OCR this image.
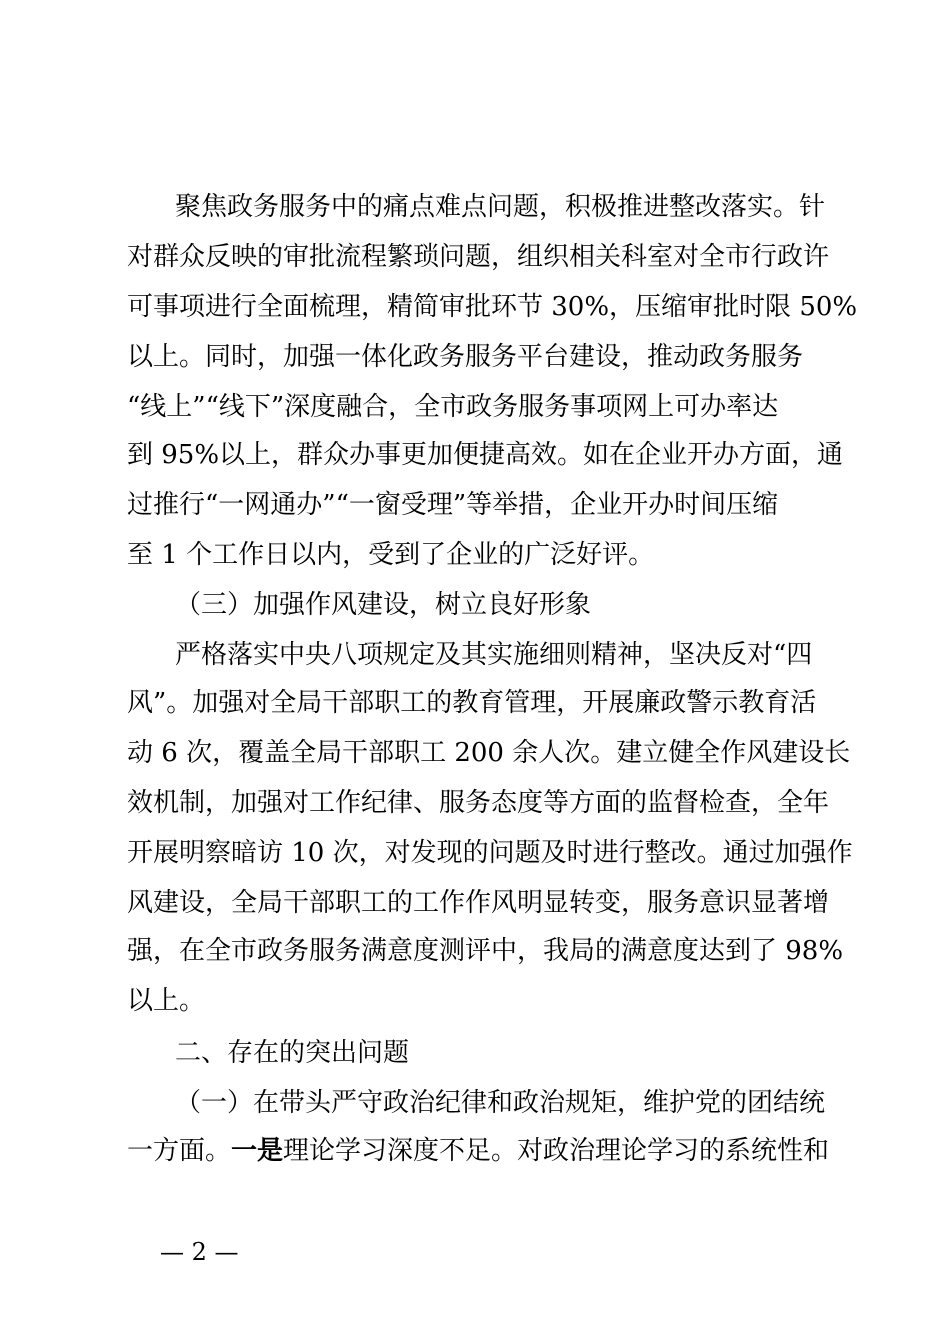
聚焦政务服务中的痛点难点问题，积极推进整改落实。针
对群众反映的审批流程繁琐问题，组织相关科室对全市行政许
可事项进行全面梳理，精简审批环节 30%，压缩审批时限 50%
以上。同时，加强一体化政务服务平台建设，推动政务服务
“线上”“线下”深度融合，全市政务服务事项网上可办率达
到 95%以上，群众办事更加便捷高效。如在企业开办方面，通
过推行“一网通办”“一窗受理”等举措，企业开办时间压缩
至 1 个工作日以内，受到了企业的广泛好评。
（三）加强作风建设，树立良好形象
严格落实中央八项规定及其实施细则精神，坚决反对“四
风”。加强对全局干部职工的教育管理，开展廉政警示教育活
动 6 次，覆盖全局干部职工 200 余人次。建立健全作风建设长
效机制，加强对工作纪律、服务态度等方面的监督检查，全年
开展明察暗访 10 次，对发现的问题及时进行整改。通过加强作
风建设，全局干部职工的工作作风明显转变，服务意识显著增
强，在全市政务服务满意度测评中，我局的满意度达到了 98%
以上。
二、存在的突出问题
（一）在带头严守政治纪律和政治规矩，维护党的团结统
一方面。一是理论学习深度不足。对政治理论学习的系统性和
— 2 —
